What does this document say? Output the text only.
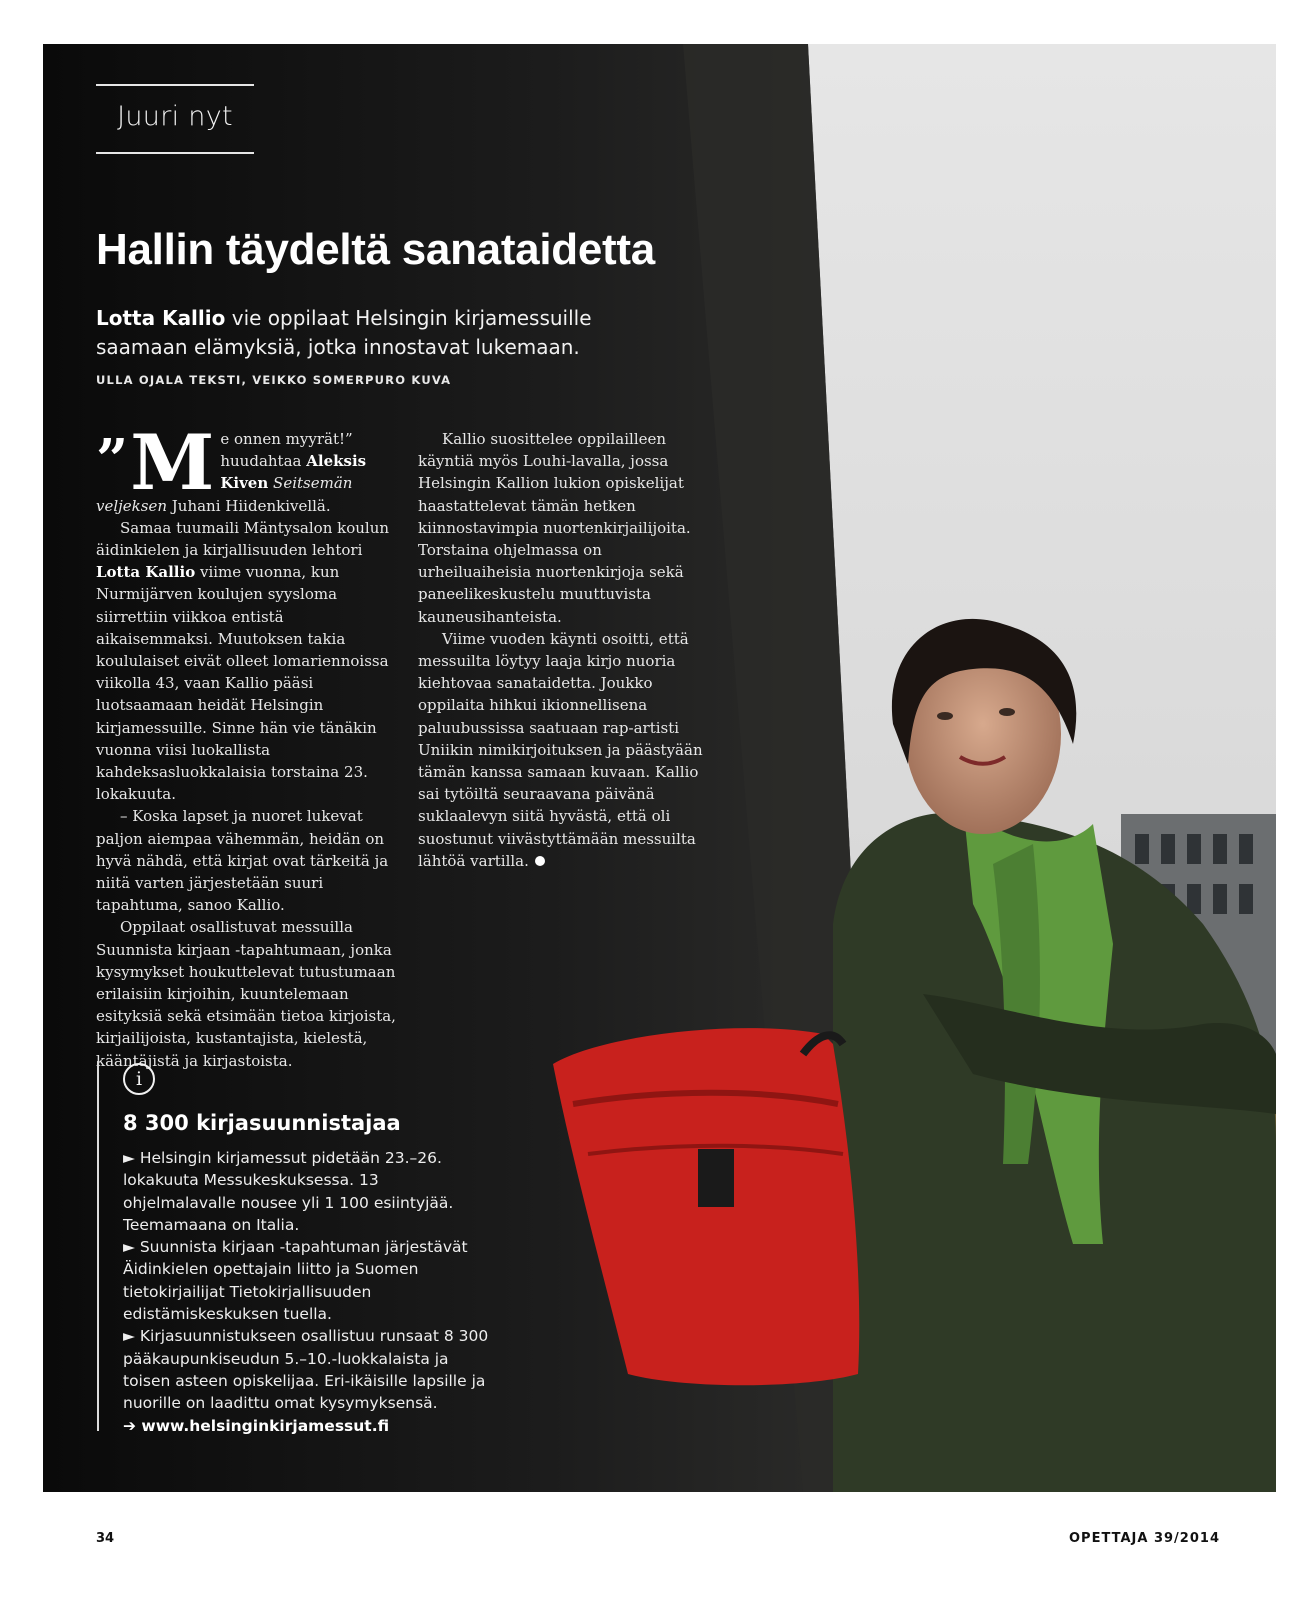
Juuri nyt
Hallin täydeltä sanataidetta

Lotta Kallio vie oppilaat Helsingin kirjamessuille saamaan elämyksiä, jotka innostavat lukemaan.

ULLA OJALA TEKSTI, VEIKKO SOMERPURO KUVA

”M e onnen myyrät!” huudahtaa Aleksis Kiven Seitsemän veljeksen Juhani Hiidenkivellä.

Samaa tuumaili Mäntysalon koulun äidinkielen ja kirjallisuuden lehtori Lotta Kallio viime vuonna, kun Nurmijärven koulujen syysloma siirrettiin viikkoa entistä aikaisemmaksi. Muutoksen takia koululaiset eivät olleet lomariennoissa viikolla 43, vaan Kallio pääsi luotsaamaan heidät Helsingin kirjamessuille. Sinne hän vie tänäkin vuonna viisi luokallista kahdeksasluokkalaisia torstaina 23. lokakuuta.

– Koska lapset ja nuoret lukevat paljon aiempaa vähemmän, heidän on hyvä nähdä, että kirjat ovat tärkeitä ja niitä varten järjestetään suuri tapahtuma, sanoo Kallio.

Oppilaat osallistuvat messuilla Suunnista kirjaan -tapahtumaan, jonka kysymykset houkuttelevat tutustumaan erilaisiin kirjoihin, kuuntelemaan esityksiä sekä etsimään tietoa kirjoista, kirjailijoista, kustantajista, kielestä, kääntäjistä ja kirjastoista.

Kallio suosittelee oppilailleen käyntiä myös Louhi-lavalla, jossa Helsingin Kallion lukion opiskelijat haastattelevat tämän hetken kiinnostavimpia nuortenkirjailijoita. Torstaina ohjelmassa on urheiluaiheisia nuortenkirjoja sekä paneelikeskustelu muuttuvista kauneusihanteista.

Viime vuoden käynti osoitti, että messuilta löytyy laaja kirjo nuoria kiehtovaa sanataidetta. Joukko oppilaita hihkui ikionnellisena paluubussissa saatuaan rap-artisti Uniikin nimikirjoituksen ja päästyään tämän kanssa samaan kuvaan. Kallio sai tytöiltä seuraavana päivänä suklaalevyn siitä hyvästä, että oli suostunut viivästyttämään messuilta lähtöä vartilla.

i
8 300 kirjasuunnistajaa

► Helsingin kirjamessut pidetään 23.–26. lokakuuta Messukeskuksessa. 13 ohjelmalavalle nousee yli 1 100 esiintyjää. Teemamaana on Italia.

► Suunnista kirjaan -tapahtuman järjestävät Äidinkielen opettajain liitto ja Suomen tietokirjailijat Tietokirjallisuuden edistämiskeskuksen tuella.

► Kirjasuunnistukseen osallistuu runsaat 8 300 pääkaupunkiseudun 5.–10.-luokkalaista ja toisen asteen opiskelijaa. Eri-ikäisille lapsille ja nuorille on laadittu omat kysymyksensä.

➔ www.helsinginkirjamessut.fi
34	OPETTAJA 39/2014
